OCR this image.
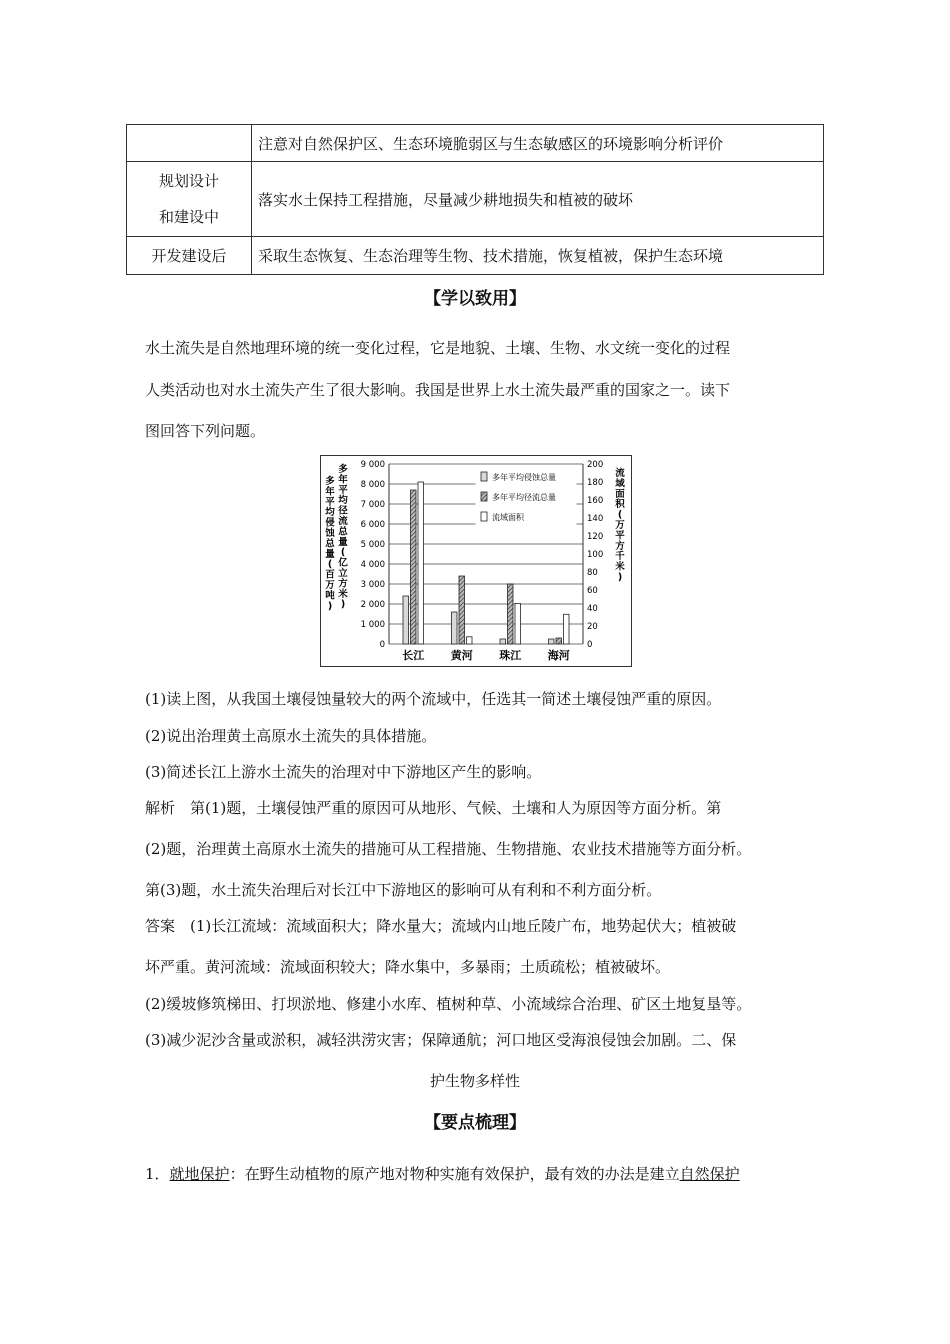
	注意对自然保护区、生态环境脆弱区与生态敏感区的环境影响分析评价
规划设计
和建设中	落实水土保持工程措施，尽量减少耕地损失和植被的破坏
开发建设后	采取生态恢复、生态治理等生物、技术措施，恢复植被，保护生态环境
【学以致用】
水土流失是自然地理环境的统一变化过程，它是地貌、土壤、生物、水文统一变化的过程
人类活动也对水土流失产生了很大影响。我国是世界上水土流失最严重的国家之一。读下
图回答下列问题。
0
1 000
2 000
3 000
4 000
5 000
6 000
7 000
8 000
9 000
0
20
40
60
80
100
120
140
160
180
200
多年平均侵蚀总量(百万吨)
多年平均径流总量(亿立方米)
流域面积(万平方千米)
长江 黄河 珠江 海河
多年平均侵蚀总量
多年平均径流总量
流域面积
(1)读上图，从我国土壤侵蚀量较大的两个流域中，任选其一简述土壤侵蚀严重的原因。
(2)说出治理黄土高原水土流失的具体措施。
(3)简述长江上游水土流失的治理对中下游地区产生的影响。
解析　第(1)题，土壤侵蚀严重的原因可从地形、气候、土壤和人为原因等方面分析。第
(2)题，治理黄土高原水土流失的措施可从工程措施、生物措施、农业技术措施等方面分析。
第(3)题，水土流失治理后对长江中下游地区的影响可从有利和不利方面分析。
答案　(1)长江流域：流域面积大；降水量大；流域内山地丘陵广布，地势起伏大；植被破
坏严重。黄河流域：流域面积较大；降水集中，多暴雨；土质疏松；植被破坏。
(2)缓坡修筑梯田、打坝淤地、修建小水库、植树种草、小流域综合治理、矿区土地复垦等。
(3)减少泥沙含量或淤积，减轻洪涝灾害；保障通航；河口地区受海浪侵蚀会加剧。二、保
护生物多样性
【要点梳理】
1．就地保护：在野生动植物的原产地对物种实施有效保护，最有效的办法是建立自然保护
